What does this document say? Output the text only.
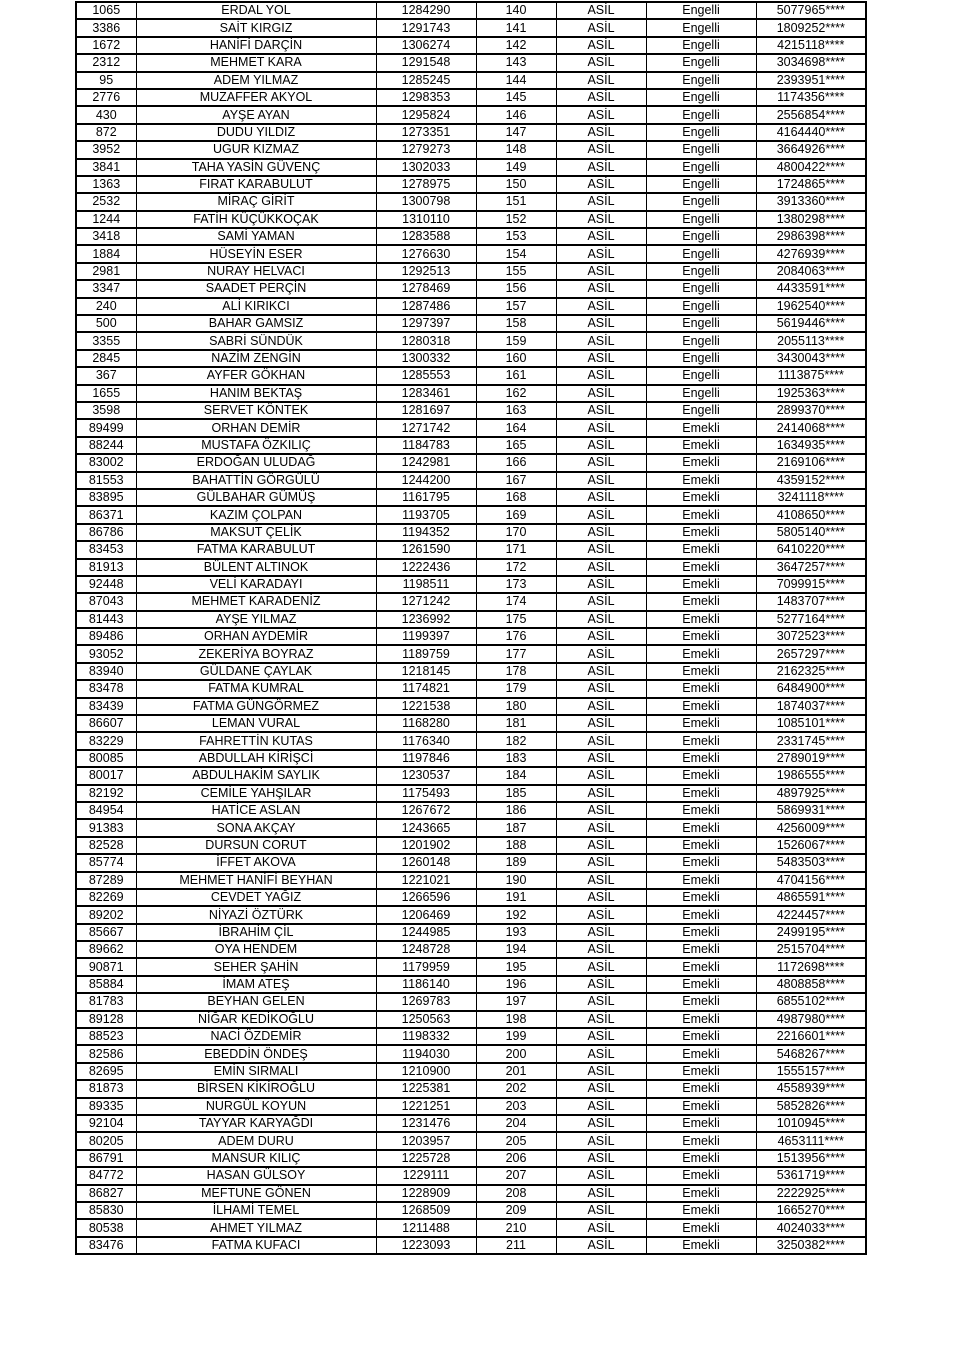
1065	ERDAL YOL	1284290	140	ASİL	Engelli	5077965****
3386	SAİT KIRGIZ	1291743	141	ASİL	Engelli	1809252****
1672	HANİFİ DARÇİN	1306274	142	ASİL	Engelli	4215118****
2312	MEHMET KARA	1291548	143	ASİL	Engelli	3034698****
95	ADEM YILMAZ	1285245	144	ASİL	Engelli	2393951****
2776	MUZAFFER AKYOL	1298353	145	ASİL	Engelli	1174356****
430	AYŞE AYAN	1295824	146	ASİL	Engelli	2556854****
872	DUDU YILDIZ	1273351	147	ASİL	Engelli	4164440****
3952	UGUR KIZMAZ	1279273	148	ASİL	Engelli	3664926****
3841	TAHA YASİN GÜVENÇ	1302033	149	ASİL	Engelli	4800422****
1363	FIRAT KARABULUT	1278975	150	ASİL	Engelli	1724865****
2532	MİRAÇ GİRİT	1300798	151	ASİL	Engelli	3913360****
1244	FATİH KÜÇÜKKOÇAK	1310110	152	ASİL	Engelli	1380298****
3418	SAMİ YAMAN	1283588	153	ASİL	Engelli	2986398****
1884	HÜSEYİN ESER	1276630	154	ASİL	Engelli	4276939****
2981	NURAY HELVACI	1292513	155	ASİL	Engelli	2084063****
3347	SAADET PERÇİN	1278469	156	ASİL	Engelli	4433591****
240	ALİ KIRIKCI	1287486	157	ASİL	Engelli	1962540****
500	BAHAR GAMSIZ	1297397	158	ASİL	Engelli	5619446****
3355	SABRİ SÜNDÜK	1280318	159	ASİL	Engelli	2055113****
2845	NAZİM ZENGİN	1300332	160	ASİL	Engelli	3430043****
367	AYFER GÖKHAN	1285553	161	ASİL	Engelli	1113875****
1655	HANIM BEKTAŞ	1283461	162	ASİL	Engelli	1925363****
3598	SERVET KÖNTEK	1281697	163	ASİL	Engelli	2899370****
89499	ORHAN DEMİR	1271742	164	ASİL	Emekli	2414068****
88244	MUSTAFA ÖZKILIÇ	1184783	165	ASİL	Emekli	1634935****
83002	ERDOĞAN ULUDAĞ	1242981	166	ASİL	Emekli	2169106****
81553	BAHATTİN GÖRGÜLÜ	1244200	167	ASİL	Emekli	4359152****
83895	GÜLBAHAR GÜMÜŞ	1161795	168	ASİL	Emekli	3241118****
86371	KAZIM ÇOLPAN	1193705	169	ASİL	Emekli	4108650****
86786	MAKSUT ÇELİK	1194352	170	ASİL	Emekli	5805140****
83453	FATMA KARABULUT	1261590	171	ASİL	Emekli	6410220****
81913	BÜLENT ALTINOK	1222436	172	ASİL	Emekli	3647257****
92448	VELİ KARADAYI	1198511	173	ASİL	Emekli	7099915****
87043	MEHMET KARADENİZ	1271242	174	ASİL	Emekli	1483707****
81443	AYŞE YILMAZ	1236992	175	ASİL	Emekli	5277164****
89486	ORHAN AYDEMİR	1199397	176	ASİL	Emekli	3072523****
93052	ZEKERİYA BOYRAZ	1189759	177	ASİL	Emekli	2657297****
83940	GÜLDANE ÇAYLAK	1218145	178	ASİL	Emekli	2162325****
83478	FATMA KUMRAL	1174821	179	ASİL	Emekli	6484900****
83439	FATMA GÜNGÖRMEZ	1221538	180	ASİL	Emekli	1874037****
86607	LEMAN VURAL	1168280	181	ASİL	Emekli	1085101****
83229	FAHRETTİN KUTAS	1176340	182	ASİL	Emekli	2331745****
80085	ABDULLAH KİRİŞCİ	1197846	183	ASİL	Emekli	2789019****
80017	ABDULHAKİM SAYLIK	1230537	184	ASİL	Emekli	1986555****
82192	CEMİLE YAHŞILAR	1175493	185	ASİL	Emekli	4897925****
84954	HATİCE ASLAN	1267672	186	ASİL	Emekli	5869931****
91383	SONA AKÇAY	1243665	187	ASİL	Emekli	4256009****
82528	DURSUN CORUT	1201902	188	ASİL	Emekli	1526067****
85774	İFFET AKOVA	1260148	189	ASİL	Emekli	5483503****
87289	MEHMET HANİFİ BEYHAN	1221021	190	ASİL	Emekli	4704156****
82269	CEVDET YAĞIZ	1266596	191	ASİL	Emekli	4865591****
89202	NİYAZİ ÖZTÜRK	1206469	192	ASİL	Emekli	4224457****
85667	İBRAHİM ÇİL	1244985	193	ASİL	Emekli	2499195****
89662	OYA HENDEM	1248728	194	ASİL	Emekli	2515704****
90871	SEHER ŞAHİN	1179959	195	ASİL	Emekli	1172698****
85884	İMAM ATEŞ	1186140	196	ASİL	Emekli	4808858****
81783	BEYHAN GELEN	1269783	197	ASİL	Emekli	6855102****
89128	NİĞAR KEDİKOĞLU	1250563	198	ASİL	Emekli	4987980****
88523	NACİ ÖZDEMİR	1198332	199	ASİL	Emekli	2216601****
82586	EBEDDİN ÖNDEŞ	1194030	200	ASİL	Emekli	5468267****
82695	EMİN SIRMALI	1210900	201	ASİL	Emekli	1555157****
81873	BİRSEN KİKİROĞLU	1225381	202	ASİL	Emekli	4558939****
89335	NURGÜL KOYUN	1221251	203	ASİL	Emekli	5852826****
92104	TAYYAR KARYAĞDI	1231476	204	ASİL	Emekli	1010945****
80205	ADEM DURU	1203957	205	ASİL	Emekli	4653111****
86791	MANSUR KILIÇ	1225728	206	ASİL	Emekli	1513956****
84772	HASAN GÜLSOY	1229111	207	ASİL	Emekli	5361719****
86827	MEFTUNE GÖNEN	1228909	208	ASİL	Emekli	2222925****
85830	İLHAMİ TEMEL	1268509	209	ASİL	Emekli	1665270****
80538	AHMET YILMAZ	1211488	210	ASİL	Emekli	4024033****
83476	FATMA KUFACI	1223093	211	ASİL	Emekli	3250382****
